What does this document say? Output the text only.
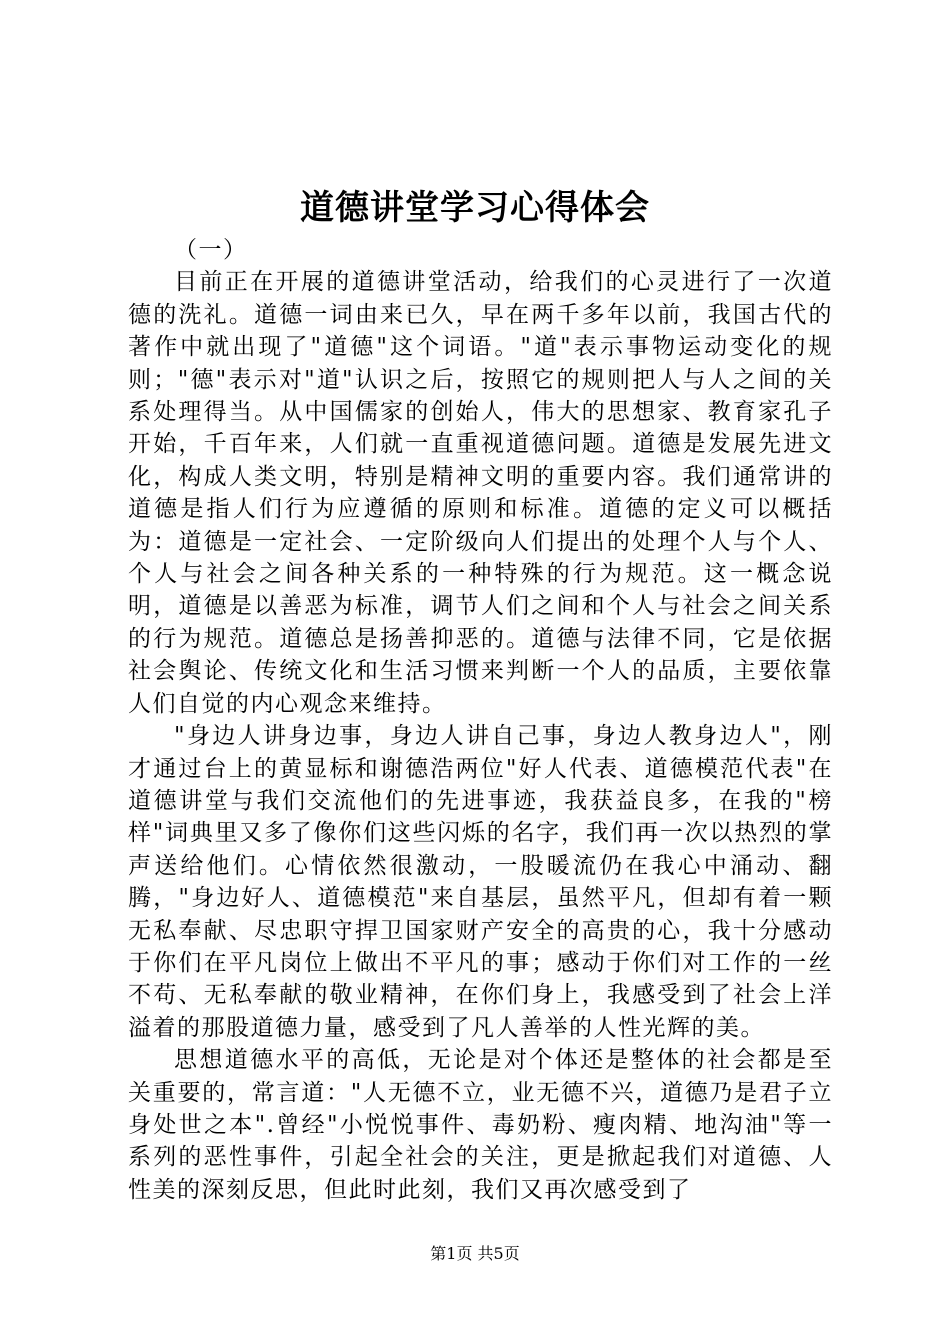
道德讲堂学习心得体会

（一）

目前正在开展的道德讲堂活动，给我们的心灵进行了一次道德的洗礼。道德一词由来已久，早在两千多年以前，我国古代的著作中就出现了"道德"这个词语。"道"表示事物运动变化的规则；"德"表示对"道"认识之后，按照它的规则把人与人之间的关系处理得当。从中国儒家的创始人，伟大的思想家、教育家孔子开始，千百年来，人们就一直重视道德问题。道德是发展先进文化，构成人类文明，特别是精神文明的重要内容。我们通常讲的道德是指人们行为应遵循的原则和标准。道德的定义可以概括为：道德是一定社会、一定阶级向人们提出的处理个人与个人、个人与社会之间各种关系的一种特殊的行为规范。这一概念说明，道德是以善恶为标准，调节人们之间和个人与社会之间关系的行为规范。道德总是扬善抑恶的。道德与法律不同，它是依据社会舆论、传统文化和生活习惯来判断一个人的品质，主要依靠人们自觉的内心观念来维持。

"身边人讲身边事，身边人讲自己事，身边人教身边人"，刚才通过台上的黄显标和谢德浩两位"好人代表、道德模范代表"在道德讲堂与我们交流他们的先进事迹，我获益良多，在我的"榜样"词典里又多了像你们这些闪烁的名字，我们再一次以热烈的掌声送给他们。心情依然很激动，一股暖流仍在我心中涌动、翻腾，"身边好人、道德模范"来自基层，虽然平凡，但却有着一颗无私奉献、尽忠职守捍卫国家财产安全的高贵的心，我十分感动于你们在平凡岗位上做出不平凡的事；感动于你们对工作的一丝不苟、无私奉献的敬业精神，在你们身上，我感受到了社会上洋溢着的那股道德力量，感受到了凡人善举的人性光辉的美。

思想道德水平的高低，无论是对个体还是整体的社会都是至关重要的，常言道："人无德不立，业无德不兴，道德乃是君子立身处世之本".曾经"小悦悦事件、毒奶粉、瘦肉精、地沟油"等一系列的恶性事件，引起全社会的关注，更是掀起我们对道德、人性美的深刻反思，但此时此刻，我们又再次感受到了

第1页 共5页
